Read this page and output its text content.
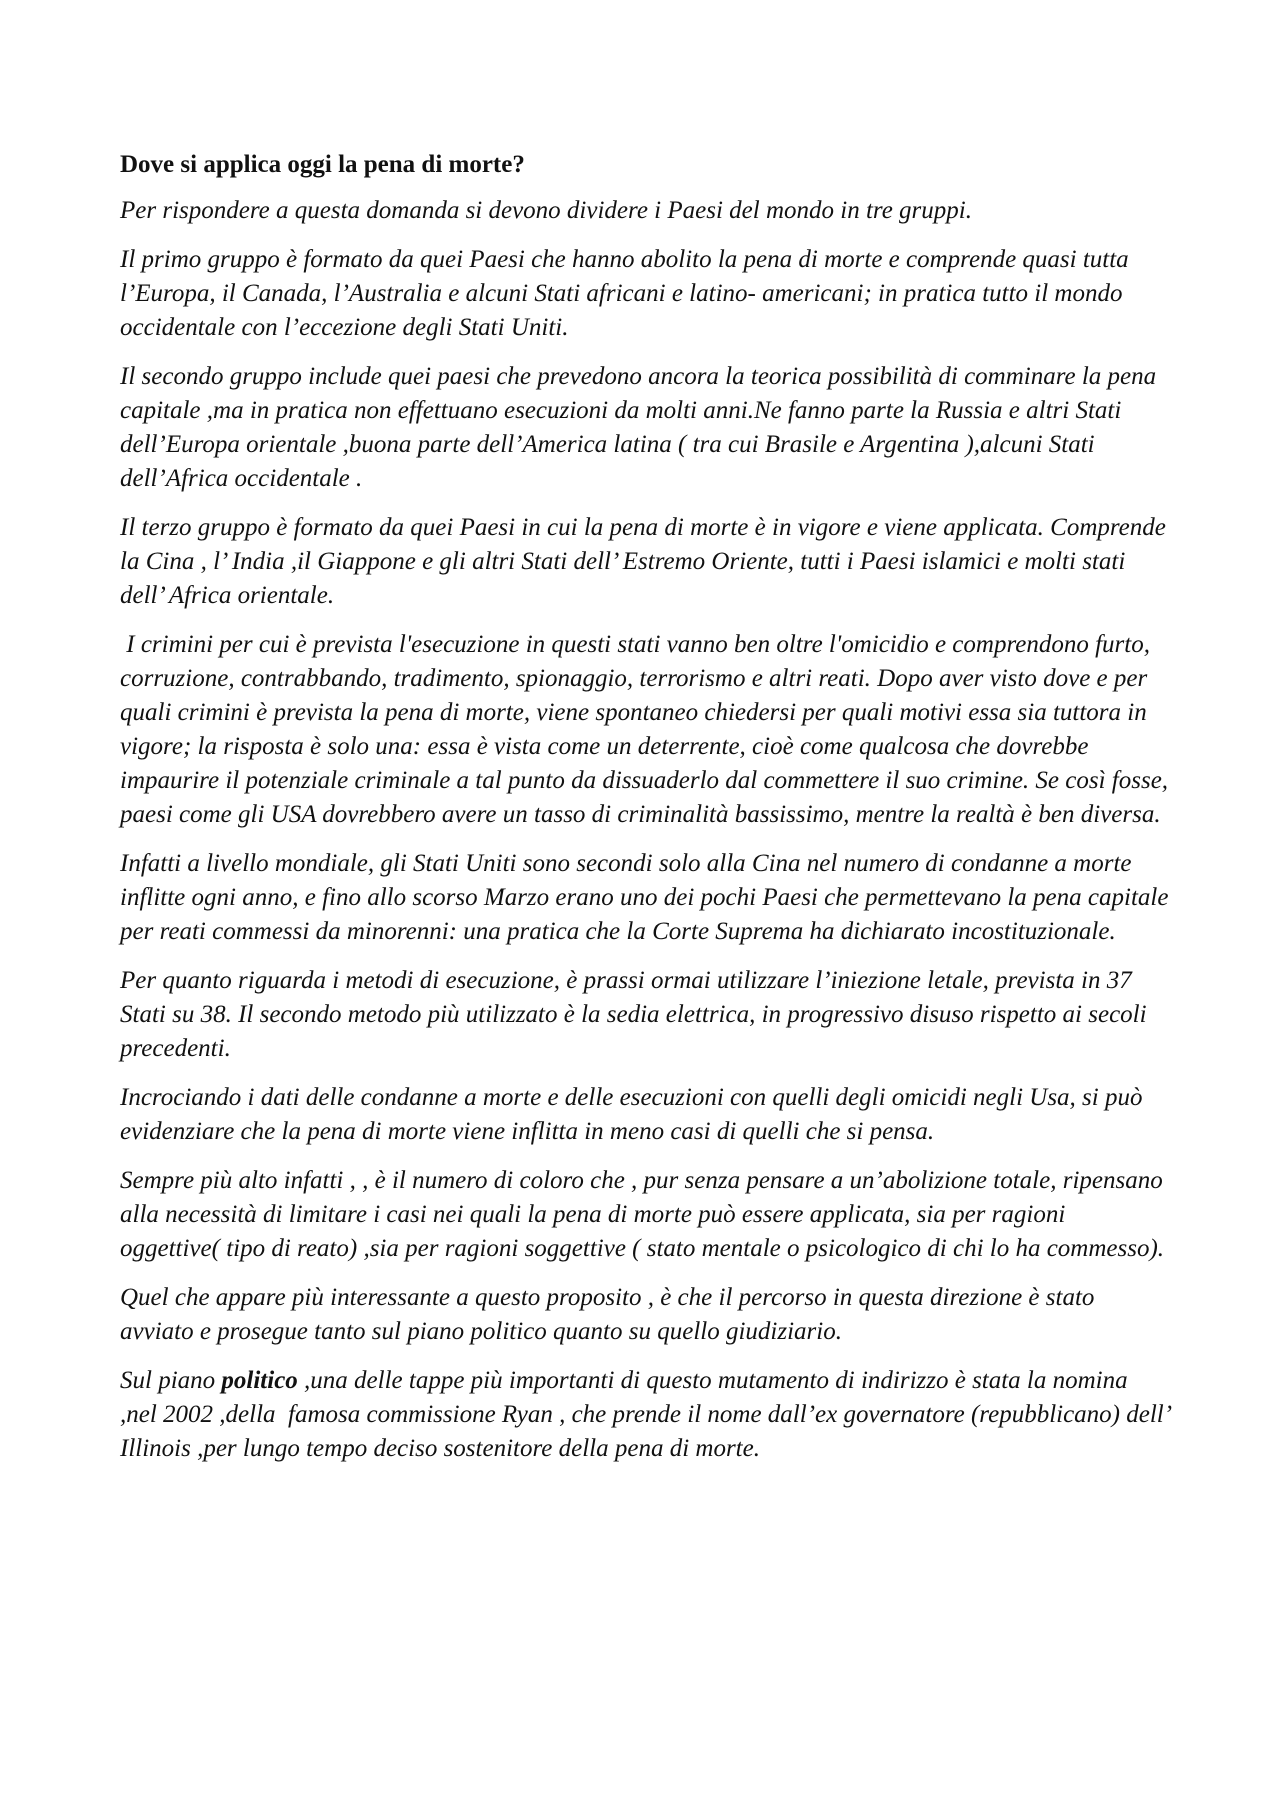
Dove si applica oggi la pena di morte?

Per rispondere a questa domanda si devono dividere i Paesi del mondo in tre gruppi.

Il primo gruppo è formato da quei Paesi che hanno abolito la pena di morte e comprende quasi tutta l’Europa, il Canada, l’Australia e alcuni Stati africani e latino- americani; in pratica tutto il mondo occidentale con l’eccezione degli Stati Uniti.

Il secondo gruppo include quei paesi che prevedono ancora la teorica possibilità di comminare la pena capitale ,ma in pratica non effettuano esecuzioni da molti anni.Ne fanno parte la Russia e altri Stati dell’Europa orientale ,buona parte dell’America latina ( tra cui Brasile e Argentina ),alcuni Stati dell’Africa occidentale .

Il terzo gruppo è formato da quei Paesi in cui la pena di morte è in vigore e viene applicata. Comprende la Cina , l’ India ,il Giappone e gli altri Stati dell’ Estremo Oriente, tutti i Paesi islamici e molti stati dell’ Africa orientale.

I crimini per cui è prevista l'esecuzione in questi stati vanno ben oltre l'omicidio e comprendono furto, corruzione, contrabbando, tradimento, spionaggio, terrorismo e altri reati. Dopo aver visto dove e per quali crimini è prevista la pena di morte, viene spontaneo chiedersi per quali motivi essa sia tuttora in vigore; la risposta è solo una: essa è vista come un deterrente, cioè come qualcosa che dovrebbe impaurire il potenziale criminale a tal punto da dissuaderlo dal commettere il suo crimine. Se così fosse, paesi come gli USA dovrebbero avere un tasso di criminalità bassissimo, mentre la realtà è ben diversa.

Infatti a livello mondiale, gli Stati Uniti sono secondi solo alla Cina nel numero di condanne a morte inflitte ogni anno, e fino allo scorso Marzo erano uno dei pochi Paesi che permettevano la pena capitale per reati commessi da minorenni: una pratica che la Corte Suprema ha dichiarato incostituzionale.

Per quanto riguarda i metodi di esecuzione, è prassi ormai utilizzare l’iniezione letale, prevista in 37 Stati su 38. Il secondo metodo più utilizzato è la sedia elettrica, in progressivo disuso rispetto ai secoli precedenti.

Incrociando i dati delle condanne a morte e delle esecuzioni con quelli degli omicidi negli Usa, si può evidenziare che la pena di morte viene inflitta in meno casi di quelli che si pensa.

Sempre più alto infatti , , è il numero di coloro che , pur senza pensare a un’abolizione totale, ripensano alla necessità di limitare i casi nei quali la pena di morte può essere applicata, sia per ragioni oggettive( tipo di reato) ,sia per ragioni soggettive ( stato mentale o psicologico di chi lo ha commesso).

Quel che appare più interessante a questo proposito , è che il percorso in questa direzione è stato avviato e prosegue tanto sul piano politico quanto su quello giudiziario.

Sul piano politico ,una delle tappe più importanti di questo mutamento di indirizzo è stata la nomina ,nel 2002 ,della  famosa commissione Ryan , che prende il nome dall’ex governatore (repubblicano) dell’ Illinois ,per lungo tempo deciso sostenitore della pena di morte.
